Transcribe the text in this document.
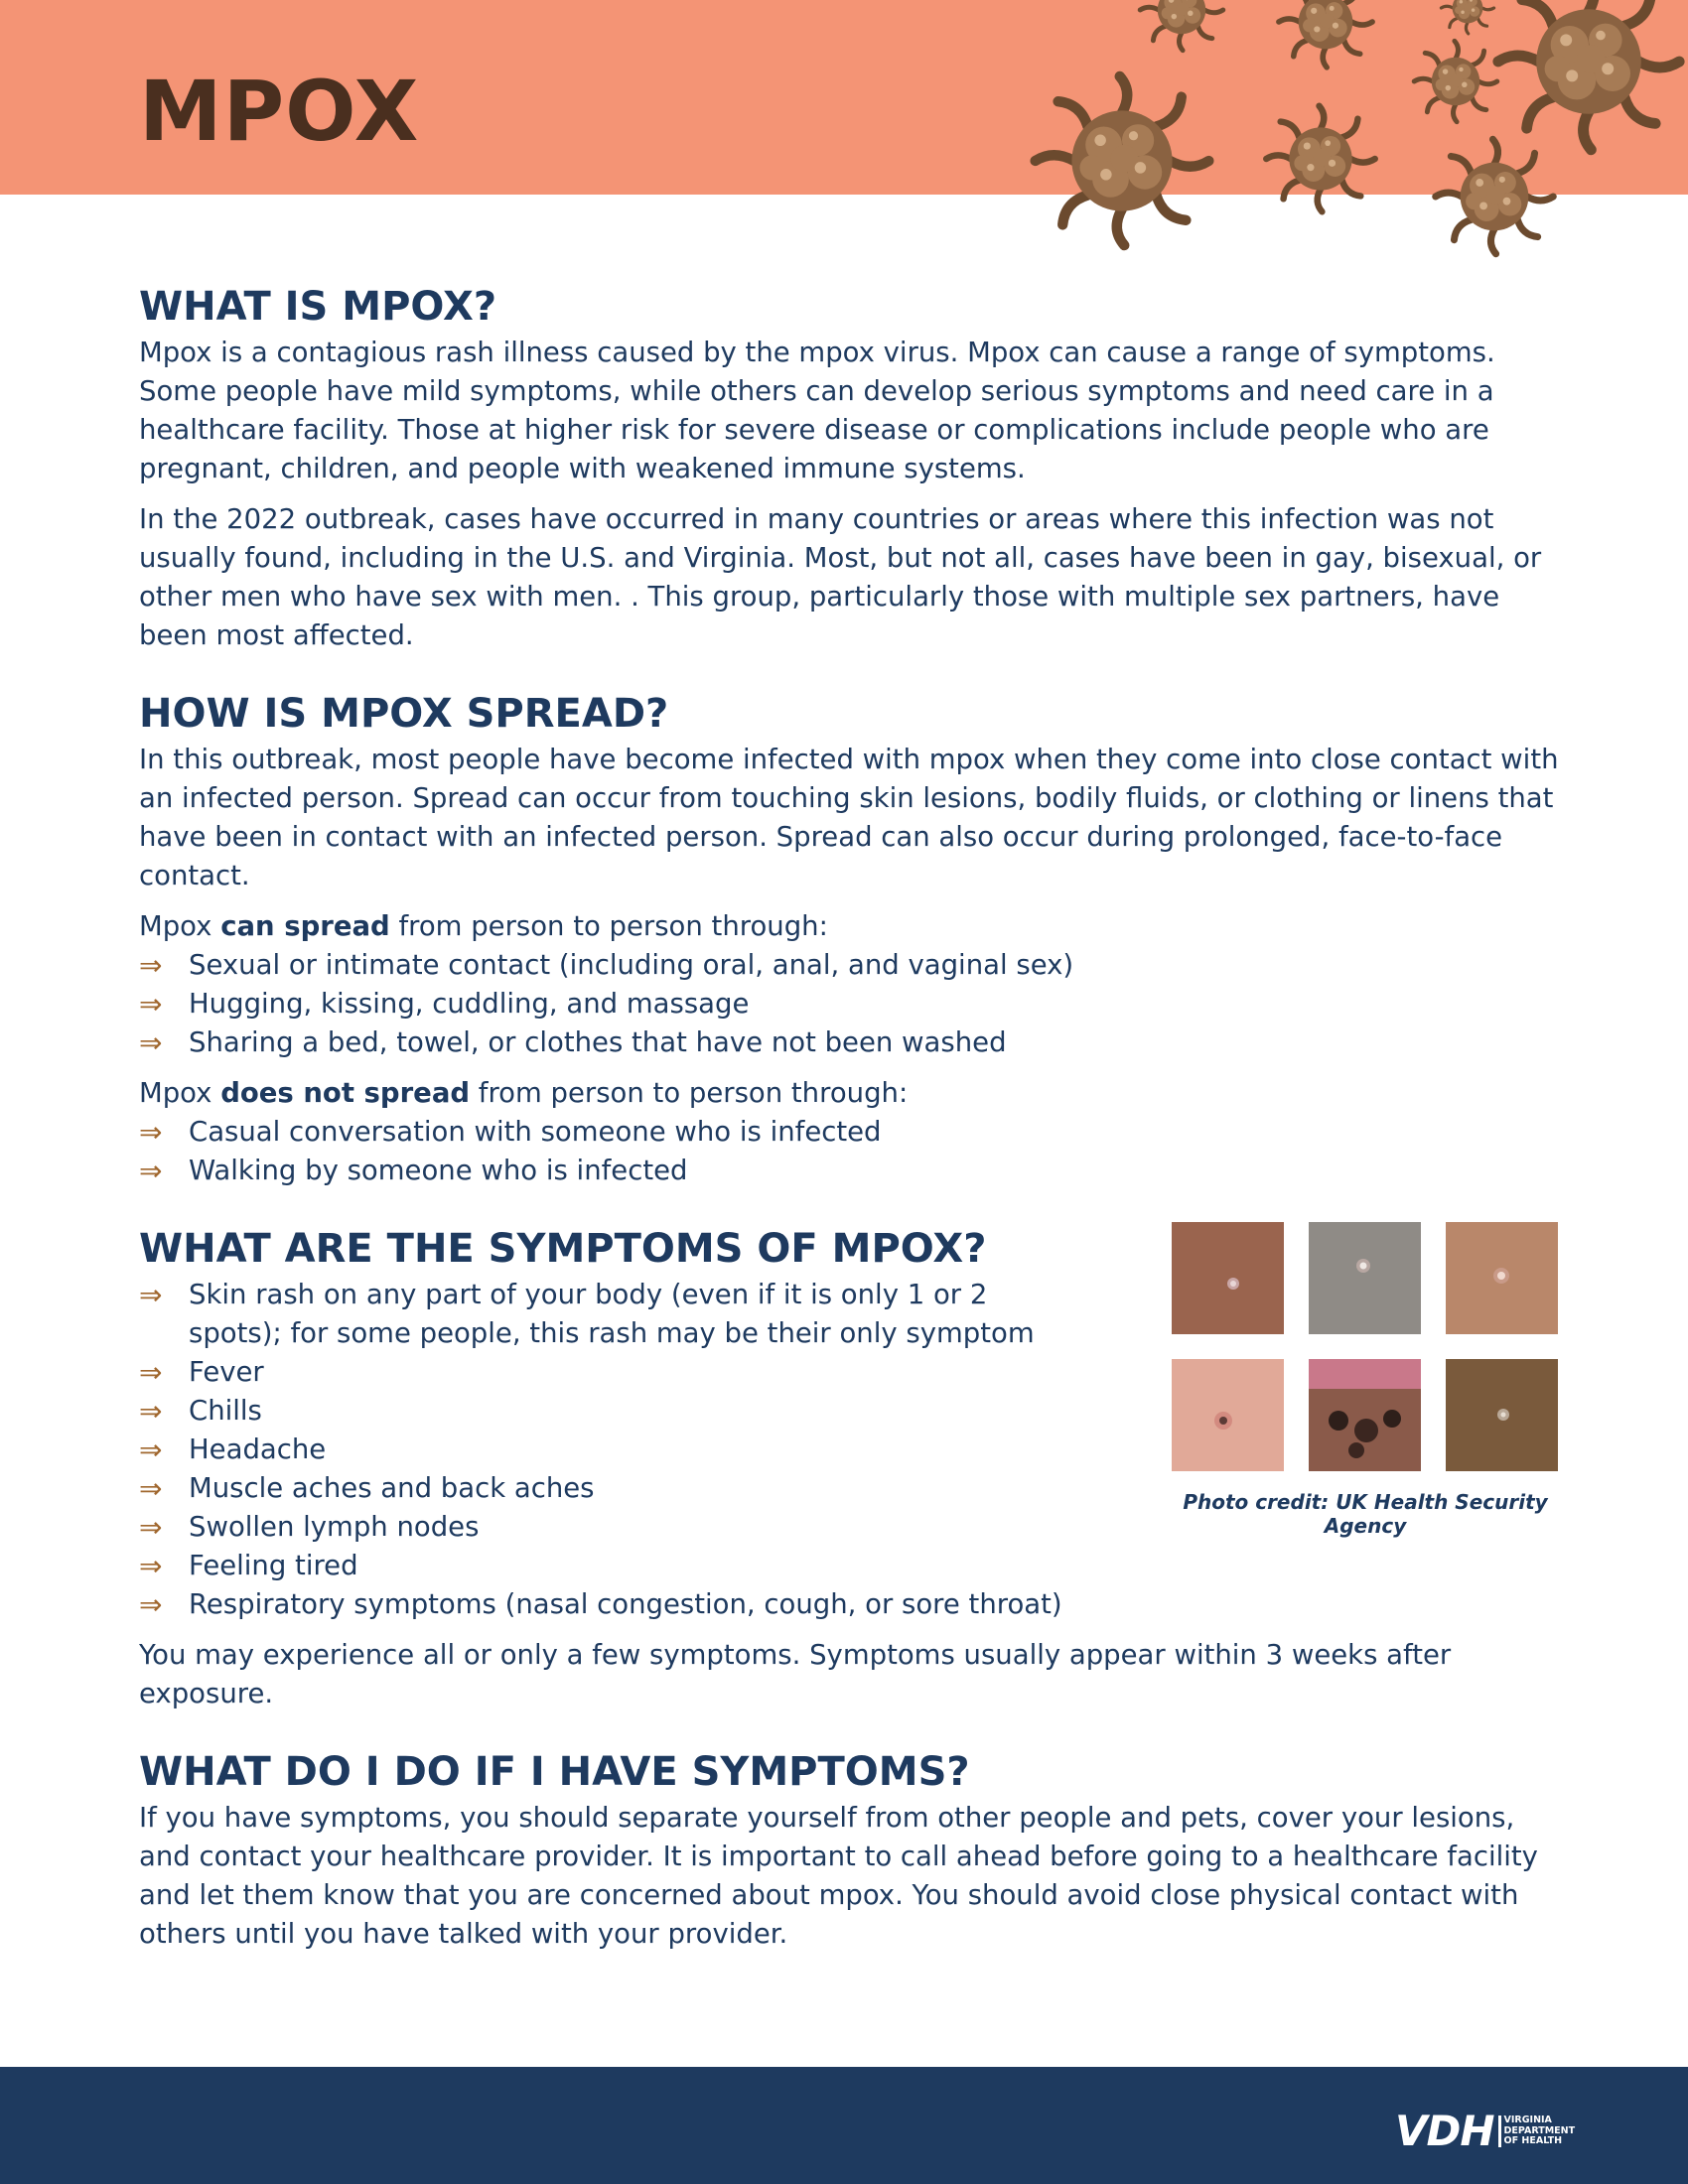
MPOX
WHAT IS MPOX?

Mpox is a contagious rash illness caused by the mpox virus. Mpox can cause a range of symptoms. Some people have mild symptoms, while others can develop serious symptoms and need care in a healthcare facility. Those at higher risk for severe disease or complications include people who are pregnant, children, and people with weakened immune systems.

In the 2022 outbreak, cases have occurred in many countries or areas where this infection was not usually found, including in the U.S. and Virginia. Most, but not all, cases have been in gay, bisexual, or other men who have sex with men. . This group, particularly those with multiple sex partners, have been most affected.

HOW IS MPOX SPREAD?

In this outbreak, most people have become infected with mpox when they come into close contact with an infected person. Spread can occur from touching skin lesions, bodily fluids, or clothing or linens that have been in contact with an infected person. Spread can also occur during prolonged, face-to-face contact.

Mpox can spread from person to person through:

⇒ Sexual or intimate contact (including oral, anal, and vaginal sex)
⇒ Hugging, kissing, cuddling, and massage
⇒ Sharing a bed, towel, or clothes that have not been washed

Mpox does not spread from person to person through:

⇒ Casual conversation with someone who is infected
⇒ Walking by someone who is infected
WHAT ARE THE SYMPTOMS OF MPOX?
⇒ Skin rash on any part of your body (even if it is only 1 or 2 spots); for some people, this rash may be their only symptom
⇒ Fever
⇒ Chills
⇒ Headache
⇒ Muscle aches and back aches
⇒ Swollen lymph nodes
⇒ Feeling tired
⇒ Respiratory symptoms (nasal congestion, cough, or sore throat)

You may experience all or only a few symptoms. Symptoms usually appear within 3 weeks after exposure.

Photo credit: UK Health Security Agency
WHAT DO I DO IF I HAVE SYMPTOMS?

If you have symptoms, you should separate yourself from other people and pets, cover your lesions, and contact your healthcare provider. It is important to call ahead before going to a healthcare facility and let them know that you are concerned about mpox. You should avoid close physical contact with others until you have talked with your provider.

VDH	VIRGINIA
DEPARTMENT
OF HEALTH
